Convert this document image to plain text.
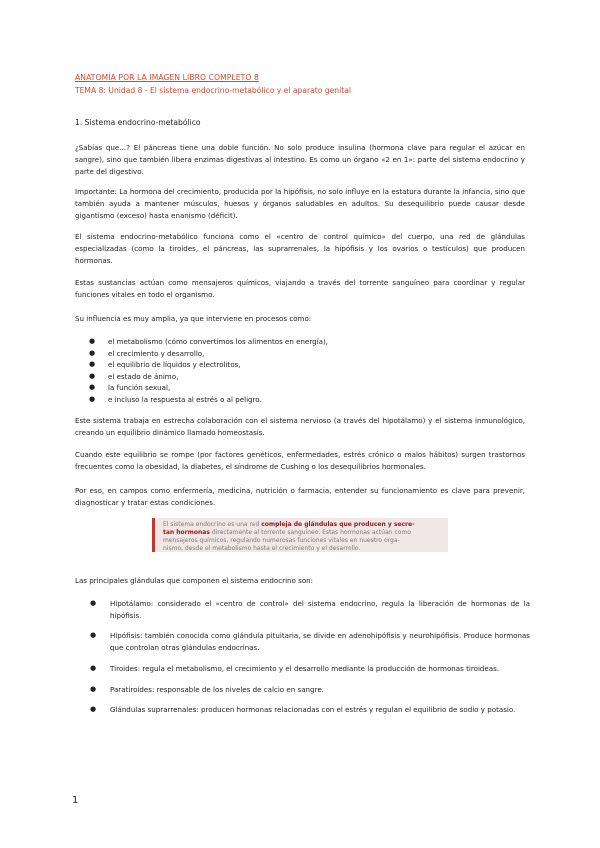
ANATOMÍA POR LA IMAGEN LIBRO COMPLETO 8
TEMA 8: Unidad 8 - El sistema endocrino-metabólico y el aparato genital
1. Sistema endocrino-metabólico

¿Sabías que…? El páncreas tiene una doble función. No solo produce insulina (hormona clave para regular el azúcar en sangre), sino que también libera enzimas digestivas al intestino. Es como un órgano «2 en 1»: parte del sistema endocrino y parte del digestivo.

Importante: La hormona del crecimiento, producida por la hipófisis, no solo influye en la estatura durante la infancia, sino que también ayuda a mantener músculos, huesos y órganos saludables en adultos. Su desequilibrio puede causar desde gigantismo (exceso) hasta enanismo (déficit).

El sistema endocrino-metabólico funciona como el «centro de control químico» del cuerpo, una red de glándulas especializadas (como la tiroides, el páncreas, las suprarrenales, la hipófisis y los ovarios o testículos) que producen hormonas.

Estas sustancias actúan como mensajeros químicos, viajando a través del torrente sanguíneo para coordinar y regular funciones vitales en todo el organismo.

Su influencia es muy amplia, ya que interviene en procesos como:

● el metabolismo (cómo convertimos los alimentos en energía),
● el crecimiento y desarrollo,
● el equilibrio de líquidos y electrolitos,
● el estado de ánimo,
● la función sexual,
● e incluso la respuesta al estrés o al peligro.

Este sistema trabaja en estrecha colaboración con el sistema nervioso (a través del hipotálamo) y el sistema inmunológico, creando un equilibrio dinámico llamado homeostasis.

Cuando este equilibrio se rompe (por factores genéticos, enfermedades, estrés crónico o malos hábitos) surgen trastornos frecuentes como la obesidad, la diabetes, el síndrome de Cushing o los desequilibrios hormonales.

Por eso, en campos como enfermería, medicina, nutrición o farmacia, entender su funcionamiento es clave para prevenir, diagnosticar y tratar estas condiciones.

El sistema endocrino es una red compleja de glándulas que producen y secre-
tan hormonas directamente al torrente sanguíneo. Estas hormonas actúan como
mensajeros químicos, regulando numerosas funciones vitales en nuestro orga-
nismo, desde el metabolismo hasta el crecimiento y el desarrollo.

Las principales glándulas que componen el sistema endocrino son:

● Hipotálamo: considerado el «centro de control» del sistema endocrino, regula la liberación de hormonas de la hipófisis.
● Hipófisis: también conocida como glándula pituitaria, se divide en adenohipófisis y neurohipófisis. Produce hormonas que controlan otras glándulas endocrinas.
● Tiroides: regula el metabolismo, el crecimiento y el desarrollo mediante la producción de hormonas tiroideas.
● Paratiroides: responsable de los niveles de calcio en sangre.
● Glándulas suprarrenales: producen hormonas relacionadas con el estrés y regulan el equilibrio de sodio y potasio.
1
